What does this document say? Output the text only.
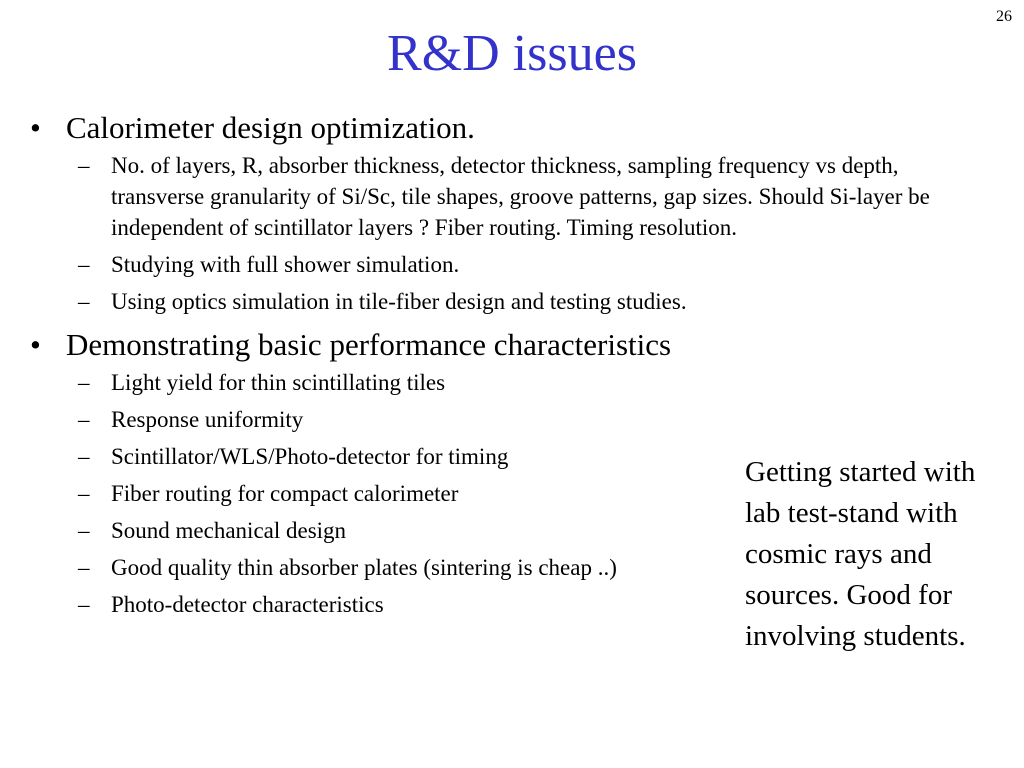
26
R&D issues
• Calorimeter design optimization.
– No. of layers, R, absorber thickness, detector thickness, sampling frequency vs depth, transverse granularity of Si/Sc, tile shapes, groove patterns, gap sizes. Should Si-layer be independent of scintillator layers ? Fiber routing. Timing resolution.
– Studying with full shower simulation.
– Using optics simulation in tile-fiber design and testing studies.
• Demonstrating basic performance characteristics
– Light yield for thin scintillating tiles
– Response uniformity
– Scintillator/WLS/Photo-detector for timing
– Fiber routing for compact calorimeter
– Sound mechanical design
– Good quality thin absorber plates (sintering is cheap ..)
– Photo-detector characteristics
Getting started with lab test-stand with cosmic rays and sources. Good for involving students.
